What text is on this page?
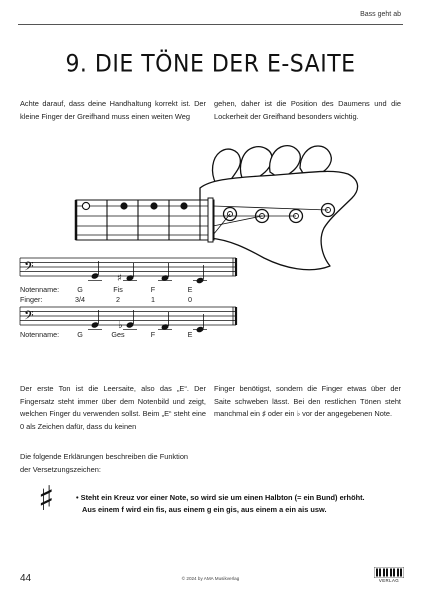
Bass geht ab
9. DIE TÖNE DER E-SAITE
Achte darauf, dass deine Handhaltung korrekt ist. Der kleine Finger der Greifhand muss einen weiten Weg
gehen, daher ist die Position des Daumens und die Lockerheit der Greifhand besonders wichtig.
𝄢
♯
Notenname:	G	Fis	F	E
Finger:	3/4	2	1	0
𝄢	♭
Notenname:	G	Ges	F	E
Der erste Ton ist die Leersaite, also das „E“. Der Fingersatz steht immer über dem Notenbild und zeigt, welchen Finger du verwenden sollst. Beim „E“ steht eine 0 als Zeichen dafür, dass du keinen
Finger benötigst, sondern die Finger etwas über der Saite schweben lässt. Bei den restlichen Tönen steht manchmal ein ♯ oder ein ♭ vor der angegebenen Note.
Die folgende Erklärungen beschreiben die Funktion
der Versetzungszeichen:
♯	• Steht ein Kreuz vor einer Note, so wird sie um einen Halbton (= ein Bund) erhöht.
Aus einem f wird ein fis, aus einem g ein gis, aus einem a ein ais usw.
44	© 2024 by AMA Musikverlag	VERLAG
